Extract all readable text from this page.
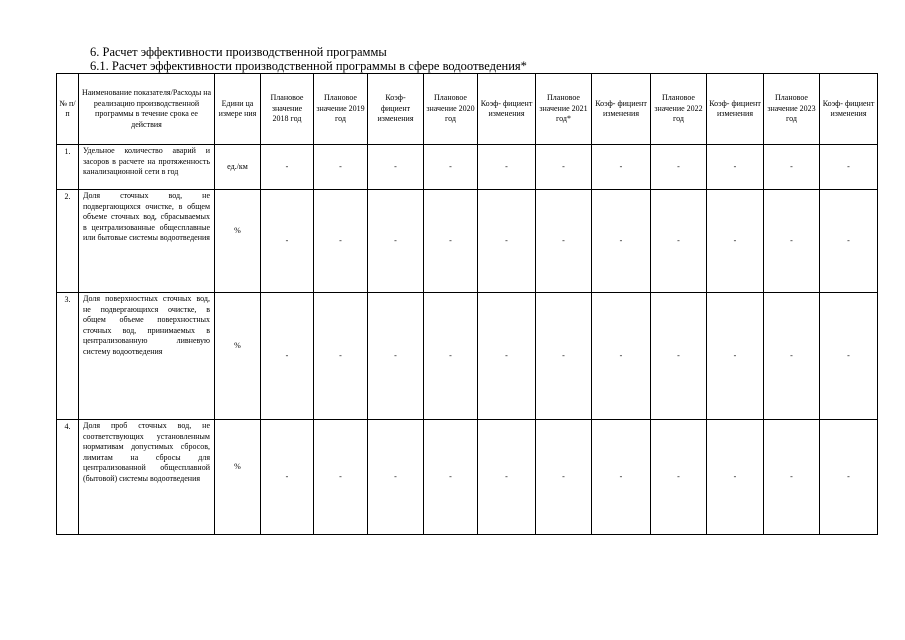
6. Расчет эффективности производственной программы
6.1. Расчет эффективности производственной программы в сфере водоотведения*
№ п/п	Наименование показателя/Расходы на реализацию производственной программы в течение срока ее действия	Едини ца измере ния	Плановое значение 2018 год	Плановое значение 2019 год	Коэф- фициент изменения	Плановое значение 2020 год	Коэф- фициент изменения	Плановое значение 2021 год*	Коэф- фициент изменения	Плановое значение 2022 год	Коэф- фициент изменения	Плановое значение 2023 год	Коэф- фициент изменения
1.	Удельное количество аварий и засоров в расчете на протяженность канализационной сети в год	ед./км	-	-	-	-	-	-	-	-	-	-	-
2.	Доля сточных вод, не подвергающихся очистке, в общем объеме сточных вод, сбрасываемых в централизованные общесплавные или бытовые системы водоотведения	%	-	-	-	-	-	-	-	-	-	-	-
3.	Доля поверхностных сточных вод, не подвергающихся очистке, в общем объеме поверхностных сточных вод, принимаемых в централизованную ливневую систему водоотведения	%	-	-	-	-	-	-	-	-	-	-	-
4.	Доля проб сточных вод, не соответствующих установленным нормативам допустимых сбросов, лимитам на сбросы для централизованной общесплавной (бытовой) системы водоотведения	%	-	-	-	-	-	-	-	-	-	-	-
